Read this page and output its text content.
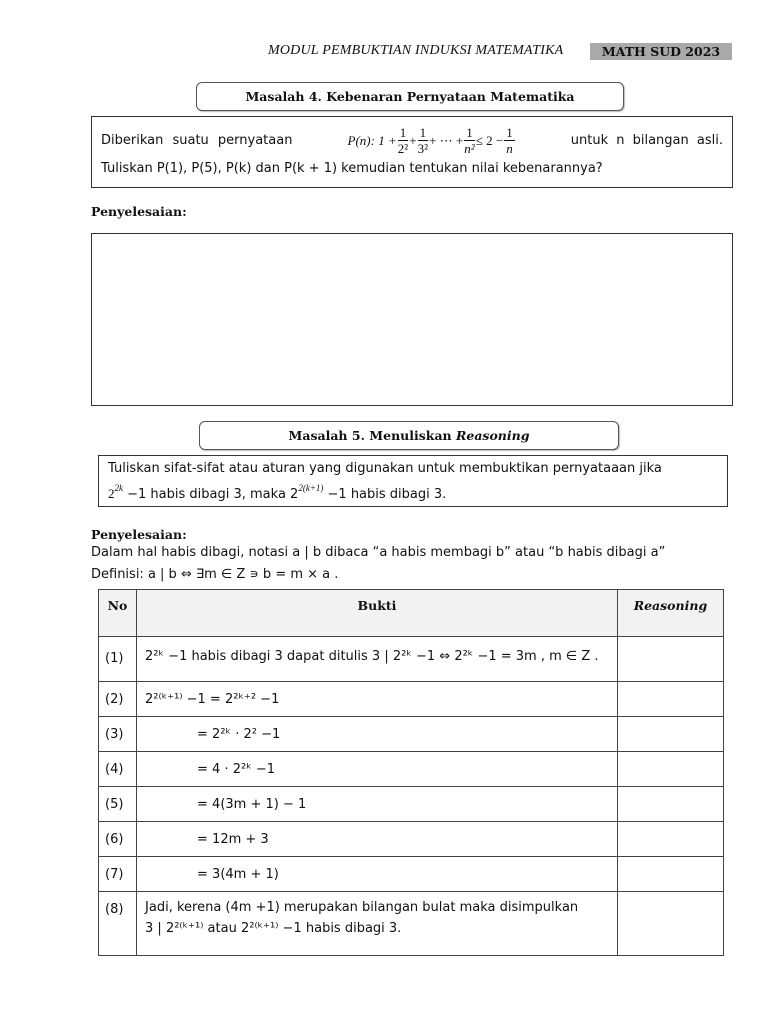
MODUL PEMBUKTIAN INDUKSI MATEMATIKA	MATH SUD 2023
Masalah 4. Kebenaran Pernyataan Matematika
Diberikan suatu pernyataan	P(n): $1 + \frac{1}{\text{2²}} + \frac{1}{\text{3²}}$ + ⋯ + $\frac{1}{\text{n²}} \le 2 - \frac{1}{n}$	untuk n bilangan asli.
Tuliskan P(1), P(5), P(k) dan P(k + 1) kemudian tentukan nilai kebenarannya?
Penyelesaian:
Masalah 5. Menuliskan Reasoning
Tuliskan sifat-sifat atau aturan yang digunakan untuk membuktikan pernyataaan jika
$2^{2k} -1$ habis dibagi 3, maka $2^{2(k+1)} -1$ habis dibagi 3.
Penyelesaian:
Dalam hal habis dibagi, notasi a | b dibaca “a habis membagi b” atau “b habis dibagi a”
Definisi: a | b ⇔ ∃m ∈ Z ∍ b = m × a .
No	Bukti	Reasoning
(1)	2²ᵏ −1 habis dibagi 3 dapat ditulis 3 | 2²ᵏ −1 ⇔ 2²ᵏ −1 = 3m , m ∈ Z .	
(2)	2²⁽ᵏ⁺¹⁾ −1 = 2²ᵏ⁺² −1	
(3)	= 2²ᵏ · 2² −1	
(4)	= 4 · 2²ᵏ −1	
(5)	= 4(3m + 1) − 1	
(6)	= 12m + 3	
(7)	= 3(4m + 1)	
(8)	Jadi, kerena (4m +1) merupakan bilangan bulat maka disimpulkan
3 | 2²⁽ᵏ⁺¹⁾ atau 2²⁽ᵏ⁺¹⁾ −1 habis dibagi 3.	
